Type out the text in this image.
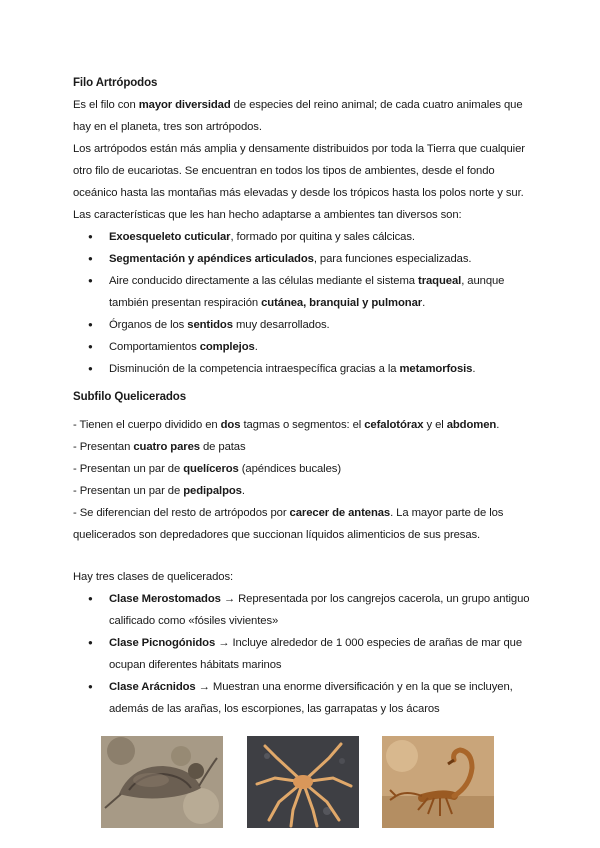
Filo Artrópodos

Es el filo con mayor diversidad de especies del reino animal; de cada cuatro animales que hay en el planeta, tres son artrópodos.

Los artrópodos están más amplia y densamente distribuidos por toda la Tierra que cualquier otro filo de eucariotas. Se encuentran en todos los tipos de ambientes, desde el fondo oceánico hasta las montañas más elevadas y desde los trópicos hasta los polos norte y sur. Las características que les han hecho adaptarse a ambientes tan diversos son:

● Exoesqueleto cuticular, formado por quitina y sales cálcicas.
● Segmentación y apéndices articulados, para funciones especializadas.
● Aire conducido directamente a las células mediante el sistema traqueal, aunque también presentan respiración cutánea, branquial y pulmonar.
● Órganos de los sentidos muy desarrollados.
● Comportamientos complejos.
● Disminución de la competencia intraespecífica gracias a la metamorfosis.

Subfilo Quelicerados

- Tienen el cuerpo dividido en dos tagmas o segmentos: el cefalotórax y el abdomen.

- Presentan cuatro pares de patas

- Presentan un par de quelíceros (apéndices bucales)

- Presentan un par de pedipalpos.

- Se diferencian del resto de artrópodos por carecer de antenas. La mayor parte de los quelicerados son depredadores que succionan líquidos alimenticios de sus presas.

Hay tres clases de quelicerados:

● Clase Merostomados → Representada por los cangrejos cacerola, un grupo antiguo calificado como «fósiles vivientes»
● Clase Picnogónidos → Incluye alrededor de 1 000 especies de arañas de mar que ocupan diferentes hábitats marinos
● Clase Arácnidos → Muestran una enorme diversificación y en la que se incluyen, además de las arañas, los escorpiones, las garrapatas y los ácaros
